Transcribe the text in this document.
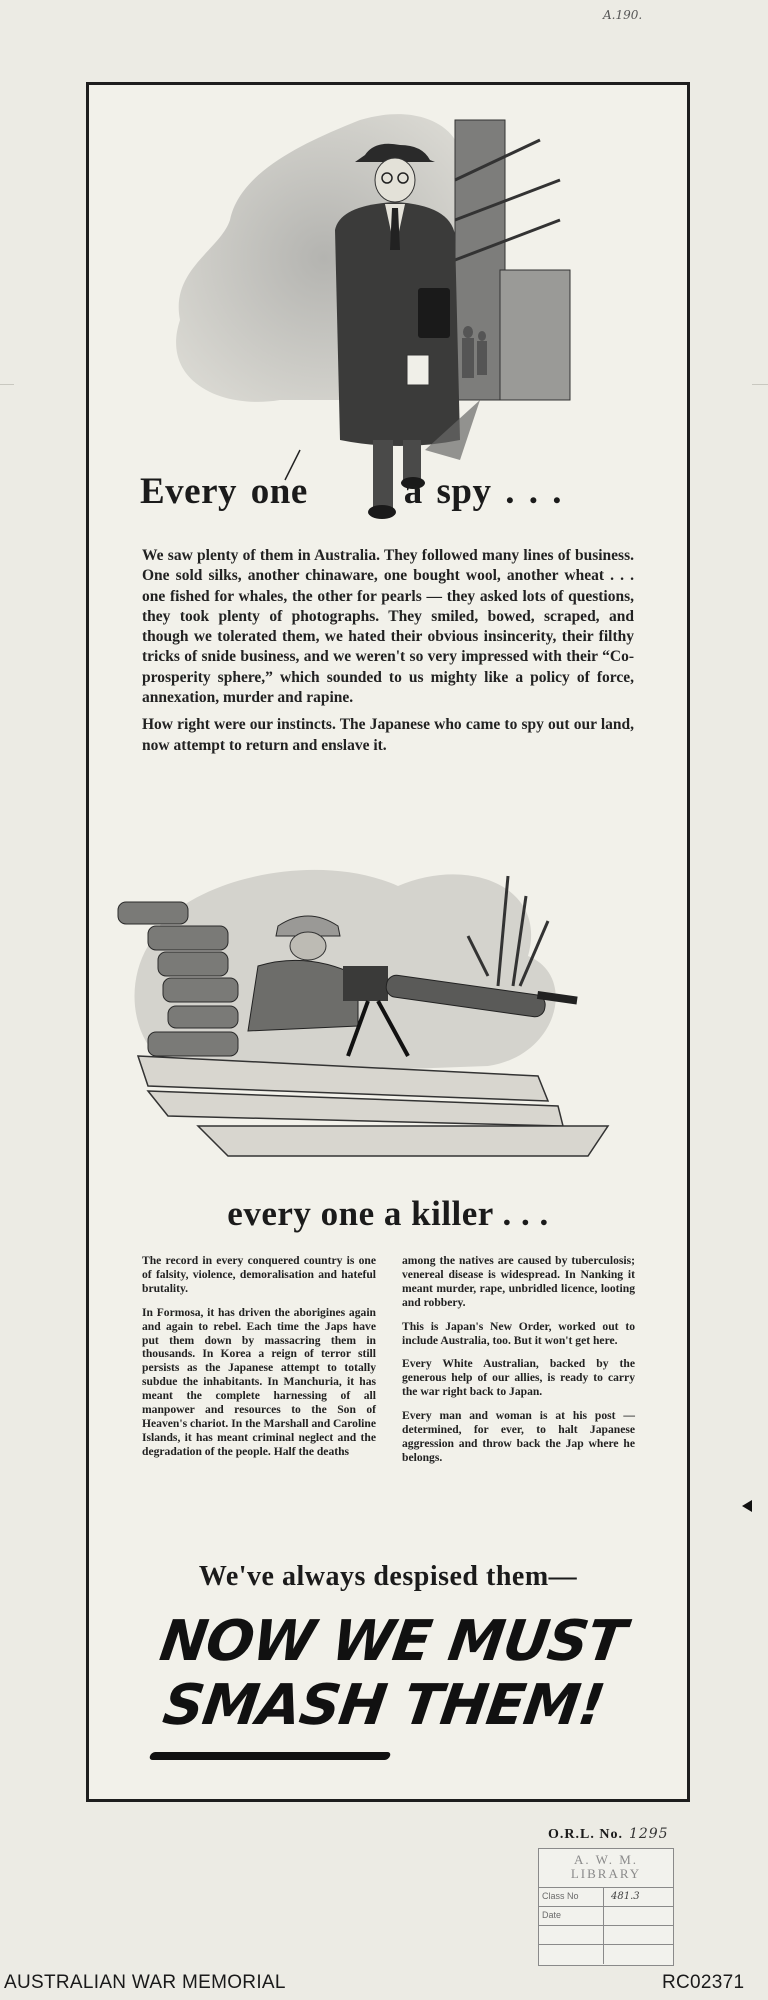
A.190.
Every one	a spy . . .

We saw plenty of them in Australia. They followed many lines of business. One sold silks, another chinaware, one bought wool, another wheat . . . one fished for whales, the other for pearls — they asked lots of questions, they took plenty of photographs. They smiled, bowed, scraped, and though we tolerated them, we hated their obvious insincerity, their filthy tricks of snide business, and we weren't so very impressed with their “Co-prosperity sphere,” which sounded to us mighty like a policy of force, annexation, murder and rapine.

How right were our instincts. The Japanese who came to spy out our land, now attempt to return and enslave it.

every one a killer . . .

The record in every conquered country is one of falsity, violence, demoralisation and hateful brutality.

In Formosa, it has driven the aborigines again and again to rebel. Each time the Japs have put them down by massacring them in thousands. In Korea a reign of terror still persists as the Japanese attempt to totally subdue the inhabitants. In Manchuria, it has meant the complete harnessing of all manpower and resources to the Son of Heaven's chariot. In the Marshall and Caroline Islands, it has meant criminal neglect and the degradation of the people. Half the deaths

among the natives are caused by tuberculosis; venereal disease is widespread. In Nanking it meant murder, rape, unbridled licence, looting and robbery.

This is Japan's New Order, worked out to include Australia, too. But it won't get here.

Every White Australian, backed by the generous help of our allies, is ready to carry the war right back to Japan.

Every man and woman is at his post —determined, for ever, to halt Japanese aggression and throw back the Jap where he belongs.

We've always despised them—
NOW WE MUST
SMASH THEM!
O.R.L. No. 1295
A. W. M.
LIBRARY
Class No	481.3
Date
AUSTRALIAN WAR MEMORIAL	RC02371
